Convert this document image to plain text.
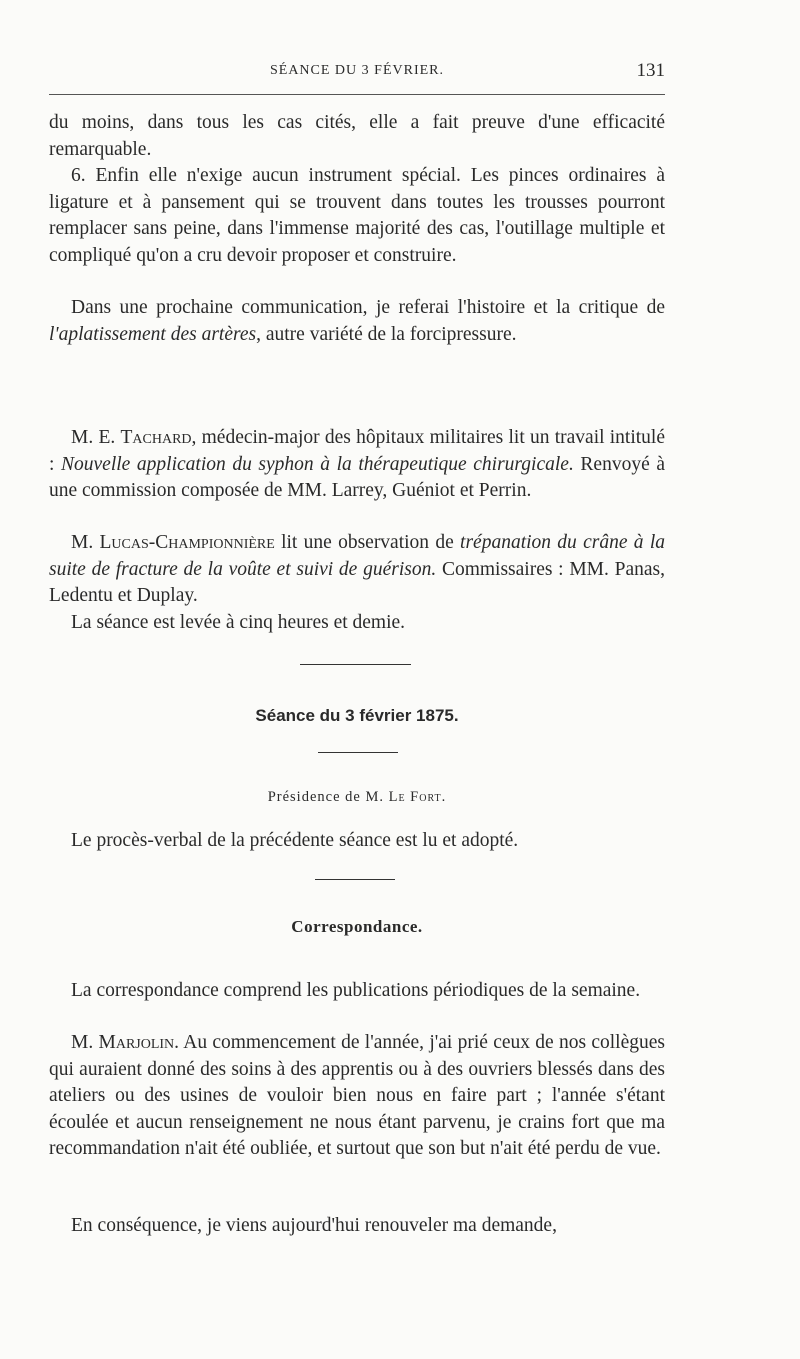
SÉANCE DU 3 FÉVRIER.	131

du moins, dans tous les cas cités, elle a fait preuve d'une efficacité remarquable.

6. Enfin elle n'exige aucun instrument spécial. Les pinces ordinaires à ligature et à pansement qui se trouvent dans toutes les trousses pourront remplacer sans peine, dans l'immense majorité des cas, l'outillage multiple et compliqué qu'on a cru devoir proposer et construire.

Dans une prochaine communication, je referai l'histoire et la critique de l'aplatissement des artères, autre variété de la forcipressure.

M. E. Tachard, médecin-major des hôpitaux militaires lit un travail intitulé : Nouvelle application du syphon à la thérapeutique chirurgicale. Renvoyé à une commission composée de MM. Larrey, Guéniot et Perrin.

M. Lucas-Championnière lit une observation de trépanation du crâne à la suite de fracture de la voûte et suivi de guérison. Commissaires : MM. Panas, Ledentu et Duplay.

La séance est levée à cinq heures et demie.

Séance du 3 février 1875.
Présidence de M. Le Fort.

Le procès-verbal de la précédente séance est lu et adopté.

Correspondance.

La correspondance comprend les publications périodiques de la semaine.

M. Marjolin. Au commencement de l'année, j'ai prié ceux de nos collègues qui auraient donné des soins à des apprentis ou à des ouvriers blessés dans des ateliers ou des usines de vouloir bien nous en faire part ; l'année s'étant écoulée et aucun renseignement ne nous étant parvenu, je crains fort que ma recommandation n'ait été oubliée, et surtout que son but n'ait été perdu de vue.

En conséquence, je viens aujourd'hui renouveler ma demande,
